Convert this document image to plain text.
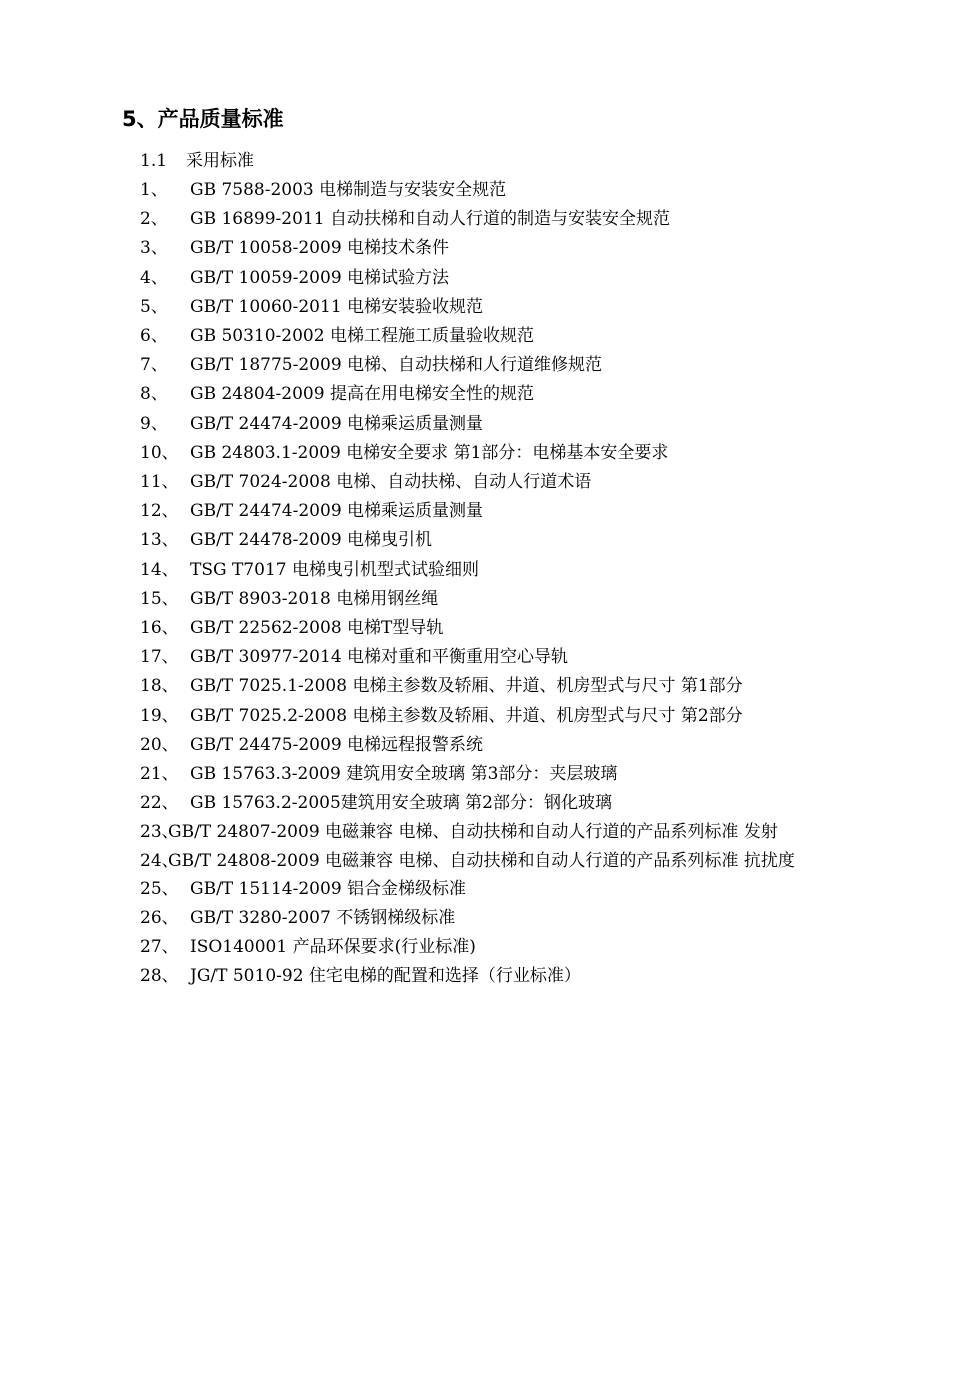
5、产品质量标准
1.1 采用标准
1、	GB 7588-2003 电梯制造与安装安全规范
2、	GB 16899-2011 自动扶梯和自动人行道的制造与安装安全规范
3、	GB/T 10058-2009 电梯技术条件
4、	GB/T 10059-2009 电梯试验方法
5、	GB/T 10060-2011 电梯安装验收规范
6、	GB 50310-2002 电梯工程施工质量验收规范
7、	GB/T 18775-2009 电梯、自动扶梯和人行道维修规范
8、	GB 24804-2009 提高在用电梯安全性的规范
9、	GB/T 24474-2009 电梯乘运质量测量
10、 GB 24803.1-2009 电梯安全要求 第1部分：电梯基本安全要求
11、 GB/T 7024-2008 电梯、自动扶梯、自动人行道术语
12、 GB/T 24474-2009 电梯乘运质量测量
13、 GB/T 24478-2009 电梯曳引机
14、 TSG T7017 电梯曳引机型式试验细则
15、 GB/T 8903-2018 电梯用钢丝绳
16、 GB/T 22562-2008 电梯T型导轨
17、 GB/T 30977-2014 电梯对重和平衡重用空心导轨
18、 GB/T 7025.1-2008 电梯主参数及轿厢、井道、机房型式与尺寸 第1部分
19、 GB/T 7025.2-2008 电梯主参数及轿厢、井道、机房型式与尺寸 第2部分
20、 GB/T 24475-2009 电梯远程报警系统
21、 GB 15763.3-2009 建筑用安全玻璃 第3部分：夹层玻璃
22、 GB 15763.2-2005建筑用安全玻璃 第2部分：钢化玻璃
23、
GB/T 24807-2009 电磁兼容 电梯、自动扶梯和自动人行道的产品系列标准 发射
24、
GB/T 24808-2009 电磁兼容 电梯、自动扶梯和自动人行道的产品系列标准 抗扰度
25、 GB/T 15114-2009 铝合金梯级标准
26、 GB/T 3280-2007 不锈钢梯级标准
27、 ISO140001 产品环保要求(行业标准)
28、 JG/T 5010-92 住宅电梯的配置和选择（行业标准）
